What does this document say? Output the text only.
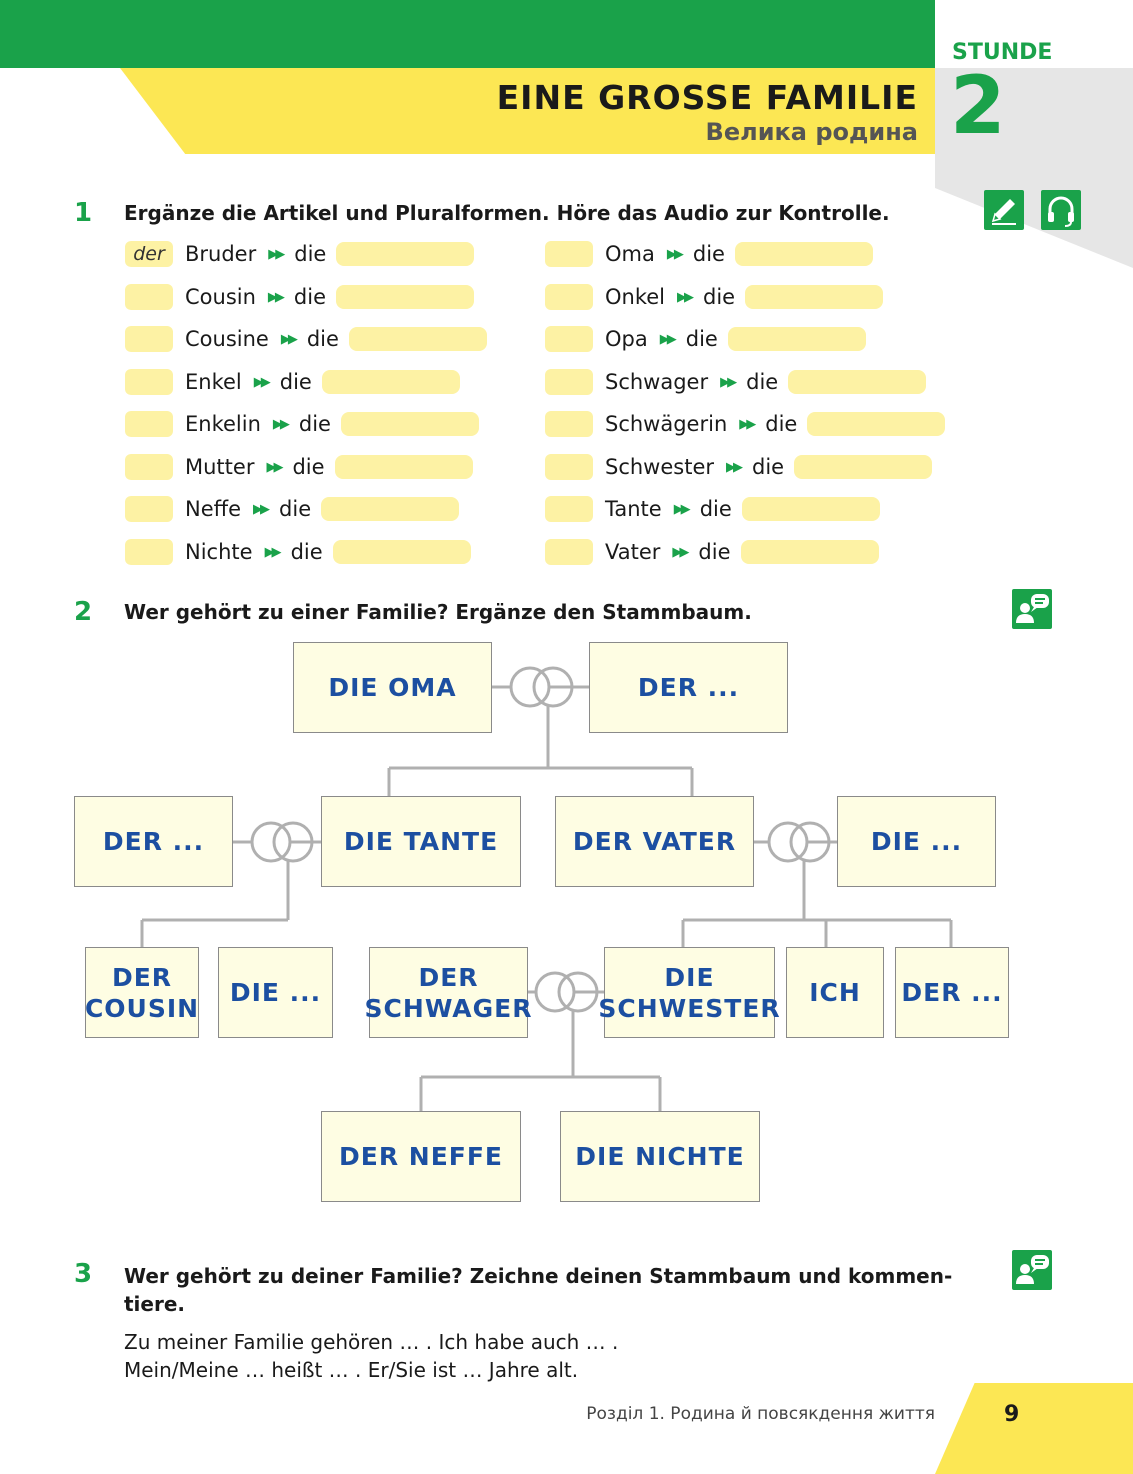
EINE GROSSE FAMILIE
Велика родина
STUNDE
2
1 Ergänze die Artikel und Pluralformen. Höre das Audio zur Kontrolle.
der Bruder ▶▶ die
Cousin ▶▶ die
Cousine ▶▶ die
Enkel ▶▶ die
Enkelin ▶▶ die
Mutter ▶▶ die
Neffe ▶▶ die
Nichte ▶▶ die
Oma ▶▶ die
Onkel ▶▶ die
Opa ▶▶ die
Schwager ▶▶ die
Schwägerin ▶▶ die
Schwester ▶▶ die
Tante ▶▶ die
Vater ▶▶ die
2 Wer gehört zu einer Familie? Ergänze den Stammbaum.
DIE OMA	DER ...
DER ...	DIE TANTE	DER VATER	DIE ...
DER COUSIN
DIE ...
DER SCHWAGER
DIE SCHWESTER
ICH	DER ...
DER NEFFE	DIE NICHTE
3 Wer gehört zu deiner Familie? Zeichne deinen Stammbaum und kommen-
tiere.
Zu meiner Familie gehören … . Ich habe auch … .
Mein/Meine … heißt … . Er/Sie ist … Jahre alt.
Розділ 1. Родина й повсякдення життя	9
